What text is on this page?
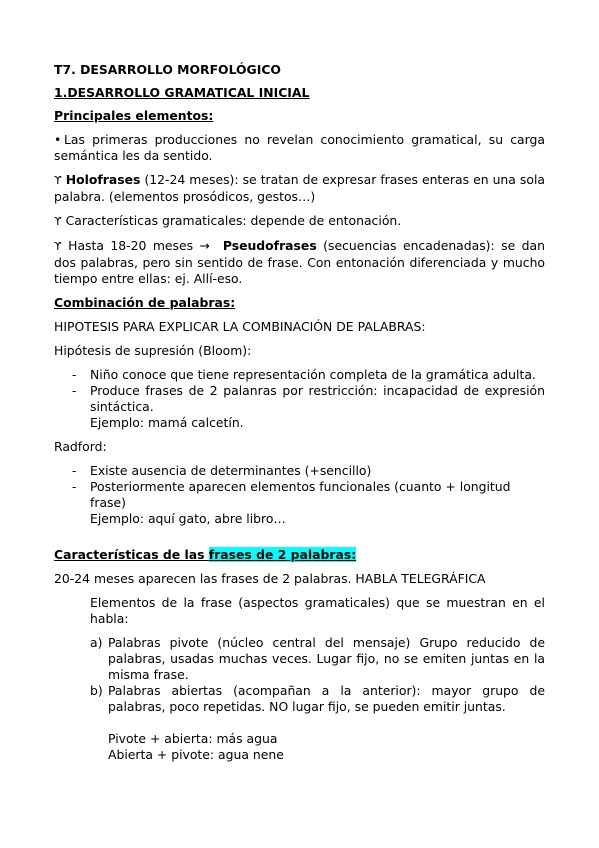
T7. DESARROLLO MORFOLÓGICO

1.DESARROLLO GRAMATICAL INICIAL

Principales elementos:

• Las primeras producciones no revelan conocimiento gramatical, su carga semántica les da sentido.

ϒ Holofrases (12-24 meses): se tratan de expresar frases enteras en una sola palabra. (elementos prosódicos, gestos…)

ϒ Características gramaticales: depende de entonación.

ϒ Hasta 18-20 meses → Pseudofrases (secuencias encadenadas): se dan dos palabras, pero sin sentido de frase. Con entonación diferenciada y mucho tiempo entre ellas: ej. Allí-eso.

Combinación de palabras:

HIPOTESIS PARA EXPLICAR LA COMBINACIÓN DE PALABRAS:

Hipótesis de supresión (Bloom):

- Niño conoce que tiene representación completa de la gramática adulta.
- Produce frases de 2 palanras por restricción: incapacidad de expresión sintáctica.
Ejemplo: mamá calcetín.

Radford:

- Existe ausencia de determinantes (+sencillo)
- Posteriormente aparecen elementos funcionales (cuanto + longitud frase)
Ejemplo: aquí gato, abre libro…

Características de las frases de 2 palabras:

20-24 meses aparecen las frases de 2 palabras. HABLA TELEGRÁFICA

Elementos de la frase (aspectos gramaticales) que se muestran en el habla:

a) Palabras pivote (núcleo central del mensaje) Grupo reducido de palabras, usadas muchas veces. Lugar fijo, no se emiten juntas en la misma frase.
b) Palabras abiertas (acompañan a la anterior): mayor grupo de palabras, poco repetidas. NO lugar fijo, se pueden emitir juntas.

Pivote + abierta: más agua

Abierta + pivote: agua nene
